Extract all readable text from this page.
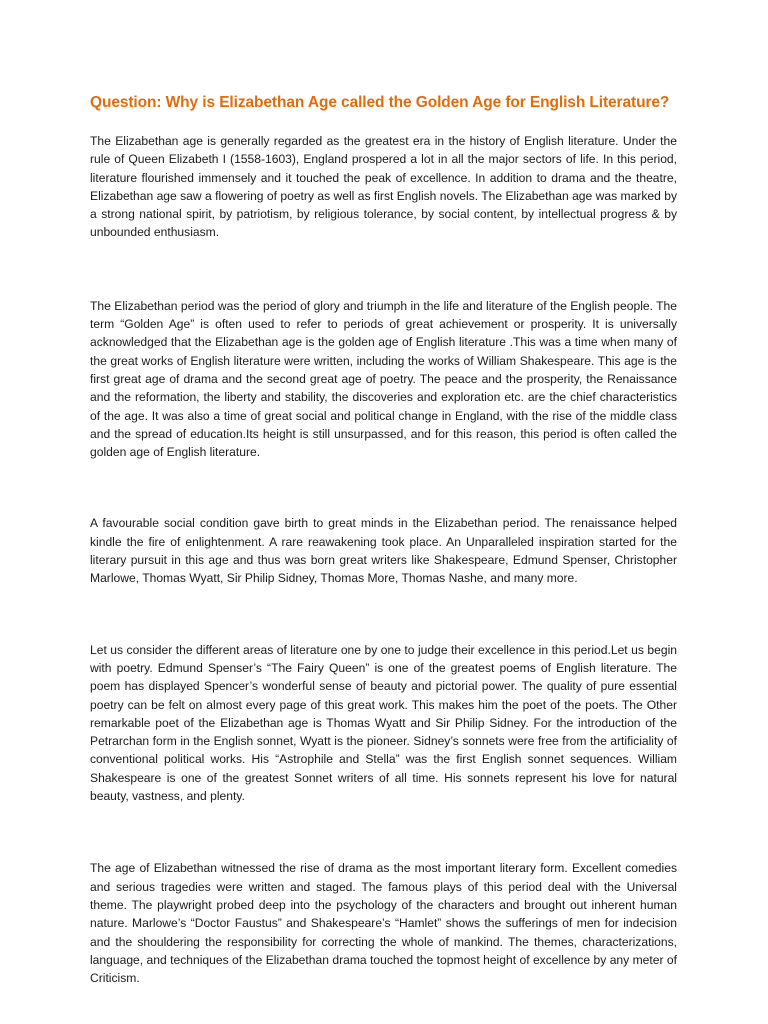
Question: Why is Elizabethan Age called the Golden Age for English Literature?

The Elizabethan age is generally regarded as the greatest era in the history of English literature. Under the rule of Queen Elizabeth I (1558-1603), England prospered a lot in all the major sectors of life. In this period, literature flourished immensely and it touched the peak of excellence. In addition to drama and the theatre, Elizabethan age saw a flowering of poetry as well as first English novels. The Elizabethan age was marked by a strong national spirit, by patriotism, by religious tolerance, by social content, by intellectual progress & by unbounded enthusiasm.

The Elizabethan period was the period of glory and triumph in the life and literature of the English people. The term “Golden Age” is often used to refer to periods of great achievement or prosperity. It is universally acknowledged that the Elizabethan age is the golden age of English literature .This was a time when many of the great works of English literature were written, including the works of William Shakespeare. This age is the first great age of drama and the second great age of poetry. The peace and the prosperity, the Renaissance and the reformation, the liberty and stability, the discoveries and exploration etc. are the chief characteristics of the age. It was also a time of great social and political change in England, with the rise of the middle class and the spread of education.Its height is still unsurpassed, and for this reason, this period is often called the golden age of English literature.

A favourable social condition gave birth to great minds in the Elizabethan period. The renaissance helped kindle the fire of enlightenment. A rare reawakening took place. An Unparalleled inspiration started for the literary pursuit in this age and thus was born great writers like Shakespeare, Edmund Spenser, Christopher Marlowe, Thomas Wyatt, Sir Philip Sidney, Thomas More, Thomas Nashe, and many more.

Let us consider the different areas of literature one by one to judge their excellence in this period.Let us begin with poetry. Edmund Spenser’s “The Fairy Queen” is one of the greatest poems of English literature. The poem has displayed Spencer’s wonderful sense of beauty and pictorial power. The quality of pure essential poetry can be felt on almost every page of this great work. This makes him the poet of the poets. The Other remarkable poet of the Elizabethan age is Thomas Wyatt and Sir Philip Sidney. For the introduction of the Petrarchan form in the English sonnet, Wyatt is the pioneer. Sidney’s sonnets were free from the artificiality of conventional political works. His “Astrophile and Stella” was the first English sonnet sequences. William Shakespeare is one of the greatest Sonnet writers of all time. His sonnets represent his love for natural beauty, vastness, and plenty.

The age of Elizabethan witnessed the rise of drama as the most important literary form. Excellent comedies and serious tragedies were written and staged. The famous plays of this period deal with the Universal theme. The playwright probed deep into the psychology of the characters and brought out inherent human nature. Marlowe’s “Doctor Faustus” and Shakespeare’s “Hamlet” shows the sufferings of men for indecision and the shouldering the responsibility for correcting the whole of mankind. The themes, characterizations, language, and techniques of the Elizabethan drama touched the topmost height of excellence by any meter of Criticism.
